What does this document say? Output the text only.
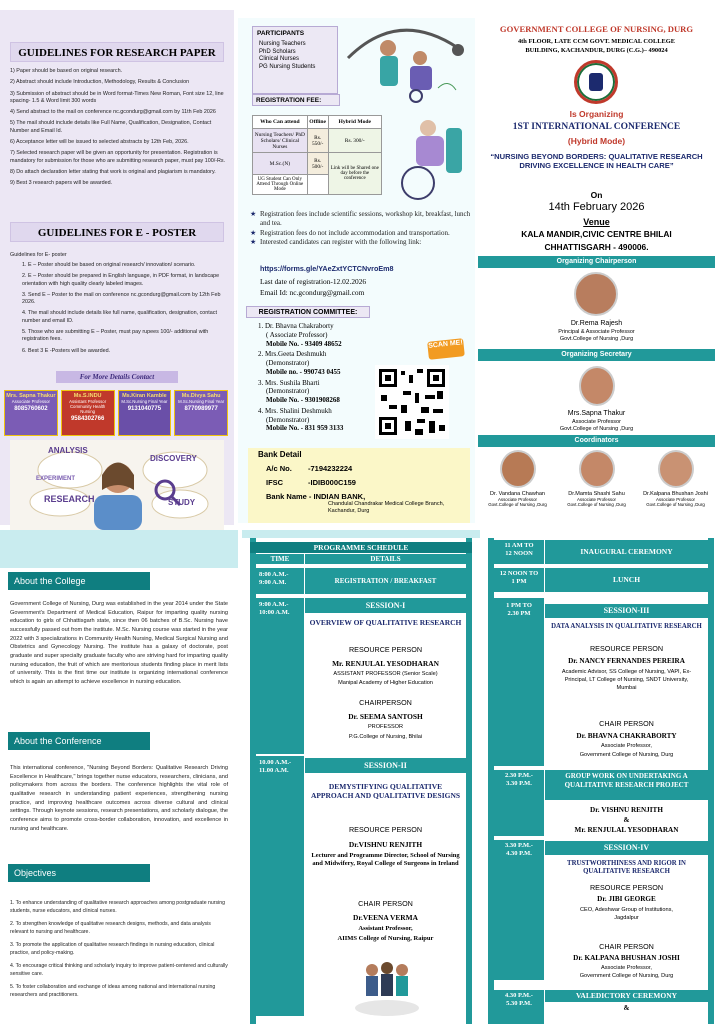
GUIDELINES FOR RESEARCH PAPER
1) Paper should be based on original research.
2) Abstract should include Introduction, Methodology, Results & Conclusion
3) Submission of abstract should be in Word format-Times New Roman, Font size 12, line spacing- 1.5 & Word limit 300 words
4) Send abstract to the mail on conference nc.gcondurg@gmail.com by 11th Feb 2026
5) The mail should include details like Full Name, Qualification, Designation, Contact Number and Email Id.
6) Acceptance letter will be issued to selected abstracts by 12th Feb, 2026.
7) Selected research paper will be given an opportunity for presentation. Registration is mandatory for submission for those who are submitting research paper, must pay 100/-Rs.
8) Do attach declaration letter stating that work is original and plagiarism is mandatory.
9) Best 3 research papers will be awarded.
GUIDELINES FOR E - POSTER
Guidelines for E- poster
1. E – Poster should be based on original research/ innovation/ scenario.
2. E – Poster should be prepared in English language, in PDF format, in landscape orientation with high quality clearly labeled images.
3. Send E – Poster to the mail on conference nc.gcondurg@gmail.com by 12th Feb 2026.
4. The mail should include details like full name, qualification, designation, contact number and email ID.
5. Those who are submitting E – Poster, must pay rupees 100/- additional with registration fees.
6. Best 3 E -Posters will be awarded.
For More Details Contact
Mrs. Sapna Thakur
Associate Professor
8085760602
Ms.S.INDU
Assistant Professor Community Health Nursing
9584302766
Ms.Kiran Kamble
M.Sc.Nursing Final Year
9131040775
Ms.Divya Sahu
M.Sc.Nursing Final Year
8770989977
ANALYSIS
DISCOVERY
EXPERIMENT
RESEARCH	STUDY
PARTICIPANTS
Nursing Teachers
PhD Scholars
Clinical Nurses
PG Nursing Students
REGISTRATION FEE:
Who Can attend	Offline	Hybrid Mode
Nursing Teachers/ PhD Scholars/ Clinical Nurses	Rs. 550/-	Rs. 300/-
M.Sc.(N)	Rs. 500/-	Link will be Shared one day before the conference
UG Student Can Only Attend Through Online Mode		
★ Registration fees include scientific sessions, workshop kit, breakfast, lunch and tea.
★ Registration fees do not include accommodation and transportation.
★ Interested candidates can register with the following link:
https://forms.gle/YAeZxtYCTCNvroEm8
Last date of registration-12.02.2026
Email Id: nc.gcondurg@gmail.com
REGISTRATION COMMITTEE:
1. Dr. Bhavna Chakraborty
( Associate Professor)
Mobile No. - 93409 48652
2. Mrs.Geeta Deshmukh
(Demonstrator)
Mobile no. - 990743 0455
3. Mrs. Sushila Bharti
(Demonstrator)
Mobile No. - 9301908268
4. Mrs. Shalini Deshmukh
(Demonstrator)
Mobile No. - 831 959 3133
SCAN ME!
Bank Detail
A/c No. -7194232224
IFSC	-IDIB000C159
Bank Name - INDIAN BANK,
Chandulal Chandrakar Medical College Branch, Kachandur, Durg
GOVERNMENT COLLEGE OF NURSING, DURG
4th FLOOR, LATE CCM GOVT. MEDICAL COLLEGE
BUILDING, KACHANDUR, DURG (C.G.)– 490024
Is Organizing
1ST INTERNATIONAL CONFERENCE
(Hybrid Mode)
“NURSING BEYOND BORDERS: QUALITATIVE RESEARCH DRIVING EXCELLENCE IN HEALTH CARE”
On
14th February 2026
Venue
KALA MANDIR,CIVIC CENTRE BHILAI
CHHATTISGARH - 490006.
Organizing Chairperson
Dr.Rema Rajesh
Principal & Associate Professor
Govt.College of Nursing ,Durg
Organizing Secretary
Mrs.Sapna Thakur
Associate Professor
Govt.College of Nursing ,Durg
Coordinators
Dr. Vandana Chawhan
Associate Professor
Govt.College of Nursing ,Durg
Dr.Mamta Shashi Sahu
Associate Professor
Govt.College of Nursing ,Durg
Dr.Kalpana Bhushan Joshi
Associate Professor
Govt.College of Nursing ,Durg
About the College
Government College of Nursing, Durg was established in the year 2014 under the State Government's Department of Medical Education, Raipur for imparting quality nursing education to girls of Chhattisgarh state, since then 06 batches of B.Sc. Nursing have successfully passed out from the institute. M.Sc. Nursing course was started in the year 2022 with 3 specializations in Community Health Nursing, Medical Surgical Nursing and Obstetrics and Gynecology Nursing. The institute has a galaxy of doctorate, post graduate and super specialty graduate faculty who are striving hard for imparting quality nursing education, the fruit of which are meritorious students finding place in merit lists of university. This is the first time our institute is organizing international conference which is again an attempt to achieve excellence in nursing education.
About the Conference
This international conference, "Nursing Beyond Borders: Qualitative Research Driving Excellence in Healthcare," brings together nurse educators, researchers, clinicians, and policymakers from across the borders. The conference highlights the vital role of qualitative research in understanding patient experiences, strengthening nursing practice, and improving healthcare outcomes across diverse cultural and clinical settings. Through keynote sessions, research presentations, and scholarly dialogue, the conference aims to promote cross-border collaboration, innovation, and excellence in nursing and healthcare.
Objectives
1. To enhance understanding of qualitative research approaches among postgraduate nursing students, nurse educators, and clinical nurses.
2. To strengthen knowledge of qualitative research designs, methods, and data analysis relevant to nursing and healthcare.
3. To promote the application of qualitative research findings in nursing education, clinical practice, and policy-making.
4. To encourage critical thinking and scholarly inquiry to improve patient-centered and culturally sensitive care.
5. To foster collaboration and exchange of ideas among national and international nursing researchers and practitioners.
PROGRAMME SCHEDULE
TIME	DETAILS
8:00 A.M.-
9:00 A.M.	REGISTRATION / BREAKFAST
9:00 A.M.-
10:00 A.M.
SESSION-I
OVERVIEW OF QUALITATIVE RESEARCH
RESOURCE PERSON
Mr. RENJULAL YESODHARAN
ASSISTANT PROFESSOR (Senior Scale)
Manipal Academy of Higher Education
CHAIRPERSON
Dr. SEEMA SANTOSH
PROFESSOR
P.G.College of Nursing, Bhilai
10.00 A.M.-
11.00 A.M.
SESSION-II
DEMYSTIFYING QUALITATIVE APPROACH AND QUALITATIVE DESIGNS
RESOURCE PERSON
Dr.VISHNU RENJITH
Lecturer and Programme Director, School of Nursing and Midwifery, Royal College of Surgeons in Ireland
CHAIR PERSON
Dr.VEENA VERMA
Assistant Professor,
AIIMS College of Nursing, Raipur
11 AM TO
12 NOON	INAUGURAL CEREMONY
12 NOON TO
1 PM	LUNCH
1 PM TO
2.30 PM	SESSION-III
DATA ANALYSIS IN QUALITATIVE RESEARCH
RESOURCE PERSON
Dr. NANCY FERNANDES PEREIRA
Academic Advisor, SS College of Nursing, VAPI, Ex-Principal, LT College of Nursing, SNDT University, Mumbai
CHAIR PERSON
Dr. BHAVNA CHAKRABORTY
Associate Professor,
Government College of Nursing, Durg
2.30 P.M.-
3.30 P.M.
GROUP WORK ON UNDERTAKING A QUALITATIVE RESEARCH PROJECT
Dr. VISHNU RENJITH
&
Mr. RENJULAL YESODHARAN
3.30 P.M.-
4.30 P.M.
SESSION-IV
TRUSTWORTHINESS AND RIGOR IN QUALITATIVE RESEARCH
RESOURCE PERSON
Dr. JIBI GEORGE
CEO, Adeshwar Group of Institutions, Jagdalpur
CHAIR PERSON
Dr. KALPANA BHUSHAN JOSHI
Associate Professor,
Government College of Nursing, Durg
4.30 P.M.-
5.30 P.M.
VALEDICTORY CEREMONY
&
